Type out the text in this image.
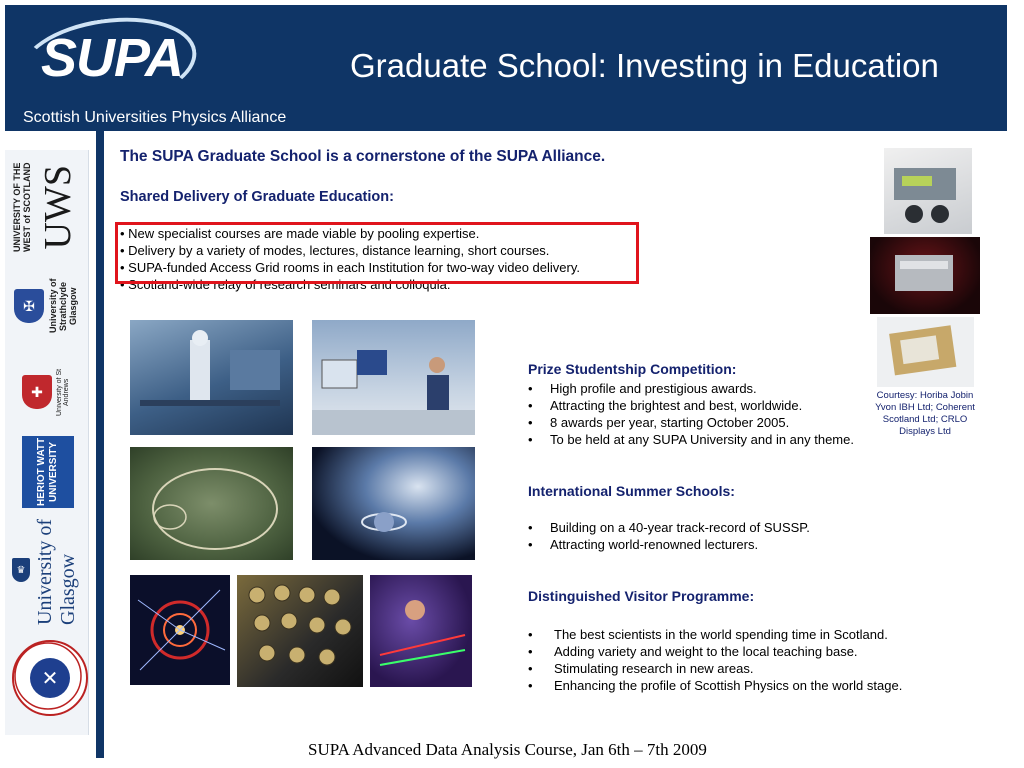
SUPA
Scottish Universities Physics Alliance
Graduate School: Investing in Education
UNIVERSITY OF THE WEST of SCOTLAND UWS
✠	University of Strathclyde Glasgow
✚	University of St Andrews
HERIOT WATT UNIVERSITY
♛ University of Glasgow
✕
The SUPA Graduate School is a cornerstone of the SUPA Alliance.
Shared Delivery of Graduate Education:
• New specialist courses are made viable by pooling expertise.
• Delivery by a variety of modes, lectures, distance learning, short courses.
• SUPA-funded Access Grid rooms in each Institution for two-way video delivery.
• Scotland-wide relay of research seminars and colloquia.
Courtesy: Horiba Jobin Yvon IBH Ltd; Coherent Scotland Ltd; CRLO Displays Ltd
Prize Studentship Competition:
•	High profile and prestigious awards.
•	Attracting the brightest and best, worldwide.
•	8 awards per year, starting October 2005.
•	To be held at any SUPA University and in any theme.
International Summer Schools:
•	Building on a 40-year track-record of SUSSP.
•	Attracting world-renowned lecturers.
Distinguished Visitor Programme:
•	The best scientists in the world spending time in Scotland.
•	Adding variety and weight to the local teaching base.
•	Stimulating research in new areas.
•	Enhancing the profile of Scottish Physics on the world stage.
SUPA Advanced Data Analysis Course, Jan 6th – 7th 2009
